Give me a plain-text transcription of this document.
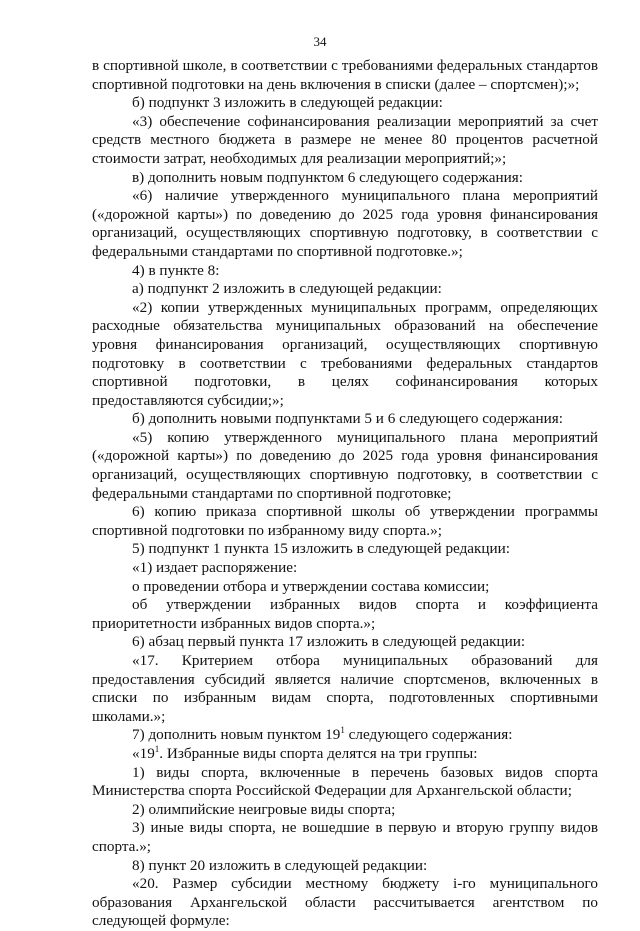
34

в спортивной школе, в соответствии с требованиями федеральных стандартов спортивной подготовки на день включения в списки (далее – спортсмен);»;

б) подпункт 3 изложить в следующей редакции:

«3) обеспечение софинансирования реализации мероприятий за счет средств местного бюджета в размере не менее 80 процентов расчетной стоимости затрат, необходимых для реализации мероприятий;»;

в) дополнить новым подпунктом 6 следующего содержания:

«6) наличие утвержденного муниципального плана мероприятий («дорожной карты») по доведению до 2025 года уровня финансирования организаций, осуществляющих спортивную подготовку, в соответствии с федеральными стандартами по спортивной подготовке.»;

4) в пункте 8:

а) подпункт 2 изложить в следующей редакции:

«2) копии утвержденных муниципальных программ, определяющих расходные обязательства муниципальных образований на обеспечение уровня финансирования организаций, осуществляющих спортивную подготовку в соответствии с требованиями федеральных стандартов спортивной подготовки, в целях софинансирования которых предоставляются субсидии;»;

б) дополнить новыми подпунктами 5 и 6 следующего содержания:

«5) копию утвержденного муниципального плана мероприятий («дорожной карты») по доведению до 2025 года уровня финансирования организаций, осуществляющих спортивную подготовку, в соответствии с федеральными стандартами по спортивной подготовке;

6) копию приказа спортивной школы об утверждении программы спортивной подготовки по избранному виду спорта.»;

5) подпункт 1 пункта 15 изложить в следующей редакции:

«1) издает распоряжение:

о проведении отбора и утверждении состава комиссии;

об утверждении избранных видов спорта и коэффициента приоритетности избранных видов спорта.»;

6) абзац первый пункта 17 изложить в следующей редакции:

«17. Критерием отбора муниципальных образований для предоставления субсидий является наличие спортсменов, включенных в списки по избранным видам спорта, подготовленных спортивными школами.»;

7) дополнить новым пунктом $19^1$ следующего содержания:

«$19^1$. Избранные виды спорта делятся на три группы:

1) виды спорта, включенные в перечень базовых видов спорта Министерства спорта Российской Федерации для Архангельской области;

2) олимпийские неигровые виды спорта;

3) иные виды спорта, не вошедшие в первую и вторую группу видов спорта.»;

8) пункт 20 изложить в следующей редакции:

«20. Размер субсидии местному бюджету i-го муниципального образования Архангельской области рассчитывается агентством по следующей формуле:
